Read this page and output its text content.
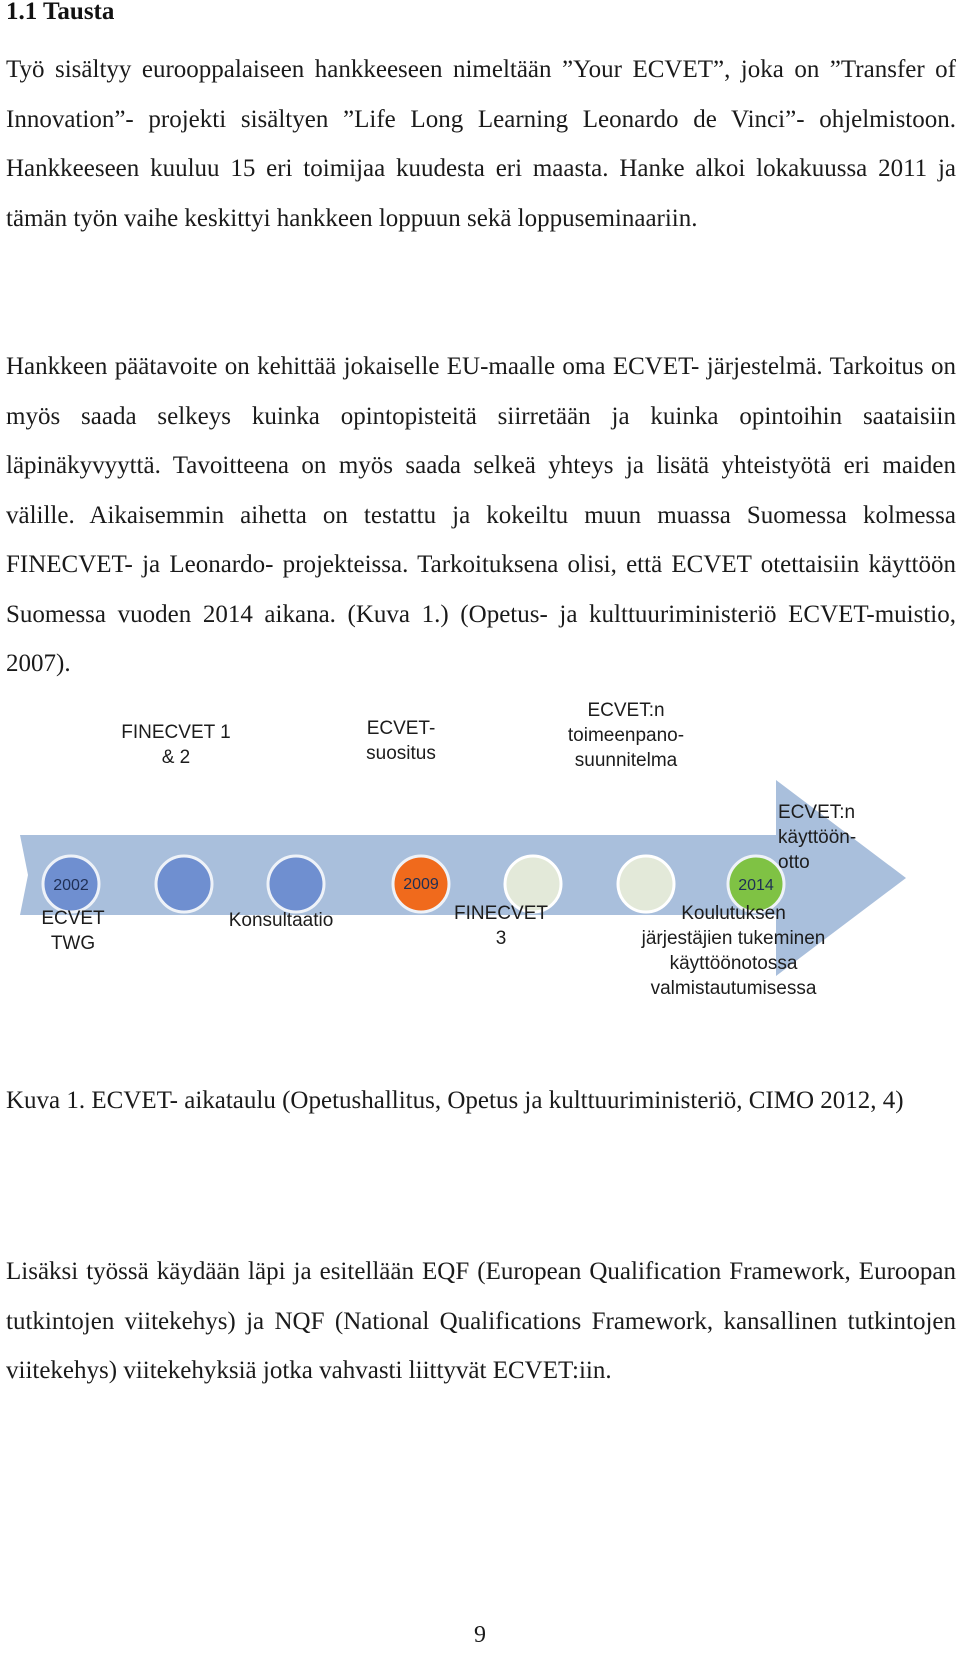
1.1 Tausta

Työ sisältyy eurooppalaiseen hankkeeseen nimeltään ”Your ECVET”, joka on ”Transfer of Innovation”- projekti sisältyen ”Life Long Learning Leonardo de Vinci”- ohjelmistoon. Hankkeeseen kuuluu 15 eri toimijaa kuudesta eri maasta. Hanke alkoi lokakuussa 2011 ja tämän työn vaihe keskittyi hankkeen loppuun sekä loppuseminaariin.

Hankkeen päätavoite on kehittää jokaiselle EU-maalle oma ECVET- järjestelmä. Tarkoitus on myös saada selkeys kuinka opintopisteitä siirretään ja kuinka opintoihin saataisiin läpinäkyvyyttä. Tavoitteena on myös saada selkeä yhteys ja lisätä yhteistyötä eri maiden välille. Aikaisemmin aihetta on testattu ja kokeiltu muun muassa Suomessa kolmessa FINECVET- ja Leonardo- projekteissa. Tarkoituksena olisi, että ECVET otettaisiin käyttöön Suomessa vuoden 2014 aikana. (Kuva 1.) (Opetus- ja kulttuuriministeriö ECVET-muistio, 2007).

2002	2009	2014
FINECVET 1
& 2
ECVET-
suositus
ECVET:n
toimeenpano-
suunnitelma
ECVET:n
käyttöön-
otto
ECVET
TWG
Konsultaatio	FINECVET
3
Koulutuksen
järjestäjien tukeminen
käyttöönotossa
valmistautumisessa

Kuva 1. ECVET- aikataulu (Opetushallitus, Opetus ja kulttuuriministeriö, CIMO 2012, 4)

Lisäksi työssä käydään läpi ja esitellään EQF (European Qualification Framework, Euroopan tutkintojen viitekehys) ja NQF (National Qualifications Framework, kansallinen tutkintojen viitekehys) viitekehyksiä jotka vahvasti liittyvät ECVET:iin.

9
